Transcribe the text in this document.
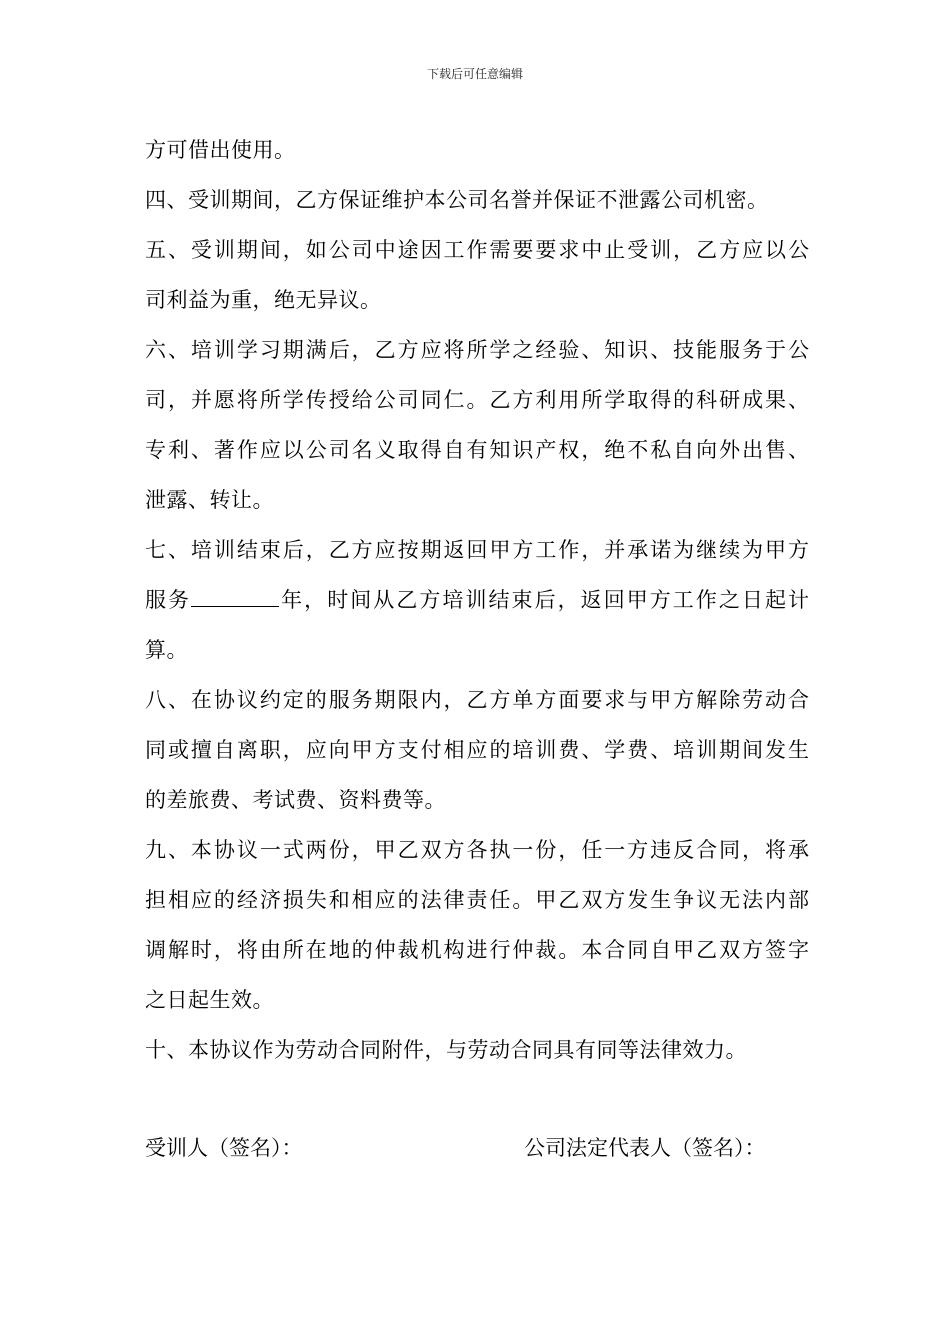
下载后可任意编辑
方可借出使用。
四、受训期间，乙方保证维护本公司名誉并保证不泄露公司机密。
五、受训期间，如公司中途因工作需要要求中止受训，乙方应以公
司利益为重，绝无异议。
六、培训学习期满后，乙方应将所学之经验、知识、技能服务于公
司，并愿将所学传授给公司同仁。乙方利用所学取得的科研成果、
专利、著作应以公司名义取得自有知识产权，绝不私自向外出售、
泄露、转让。
七、培训结束后，乙方应按期返回甲方工作，并承诺为继续为甲方
服务	年，时间从乙方培训结束后，返回甲方工作之日起计
算。
八、在协议约定的服务期限内，乙方单方面要求与甲方解除劳动合
同或擅自离职，应向甲方支付相应的培训费、学费、培训期间发生
的差旅费、考试费、资料费等。
九、本协议一式两份，甲乙双方各执一份，任一方违反合同，将承
担相应的经济损失和相应的法律责任。甲乙双方发生争议无法内部
调解时，将由所在地的仲裁机构进行仲裁。本合同自甲乙双方签字
之日起生效。
十、本协议作为劳动合同附件，与劳动合同具有同等法律效力。
受训人（签名）：	公司法定代表人（签名）：
